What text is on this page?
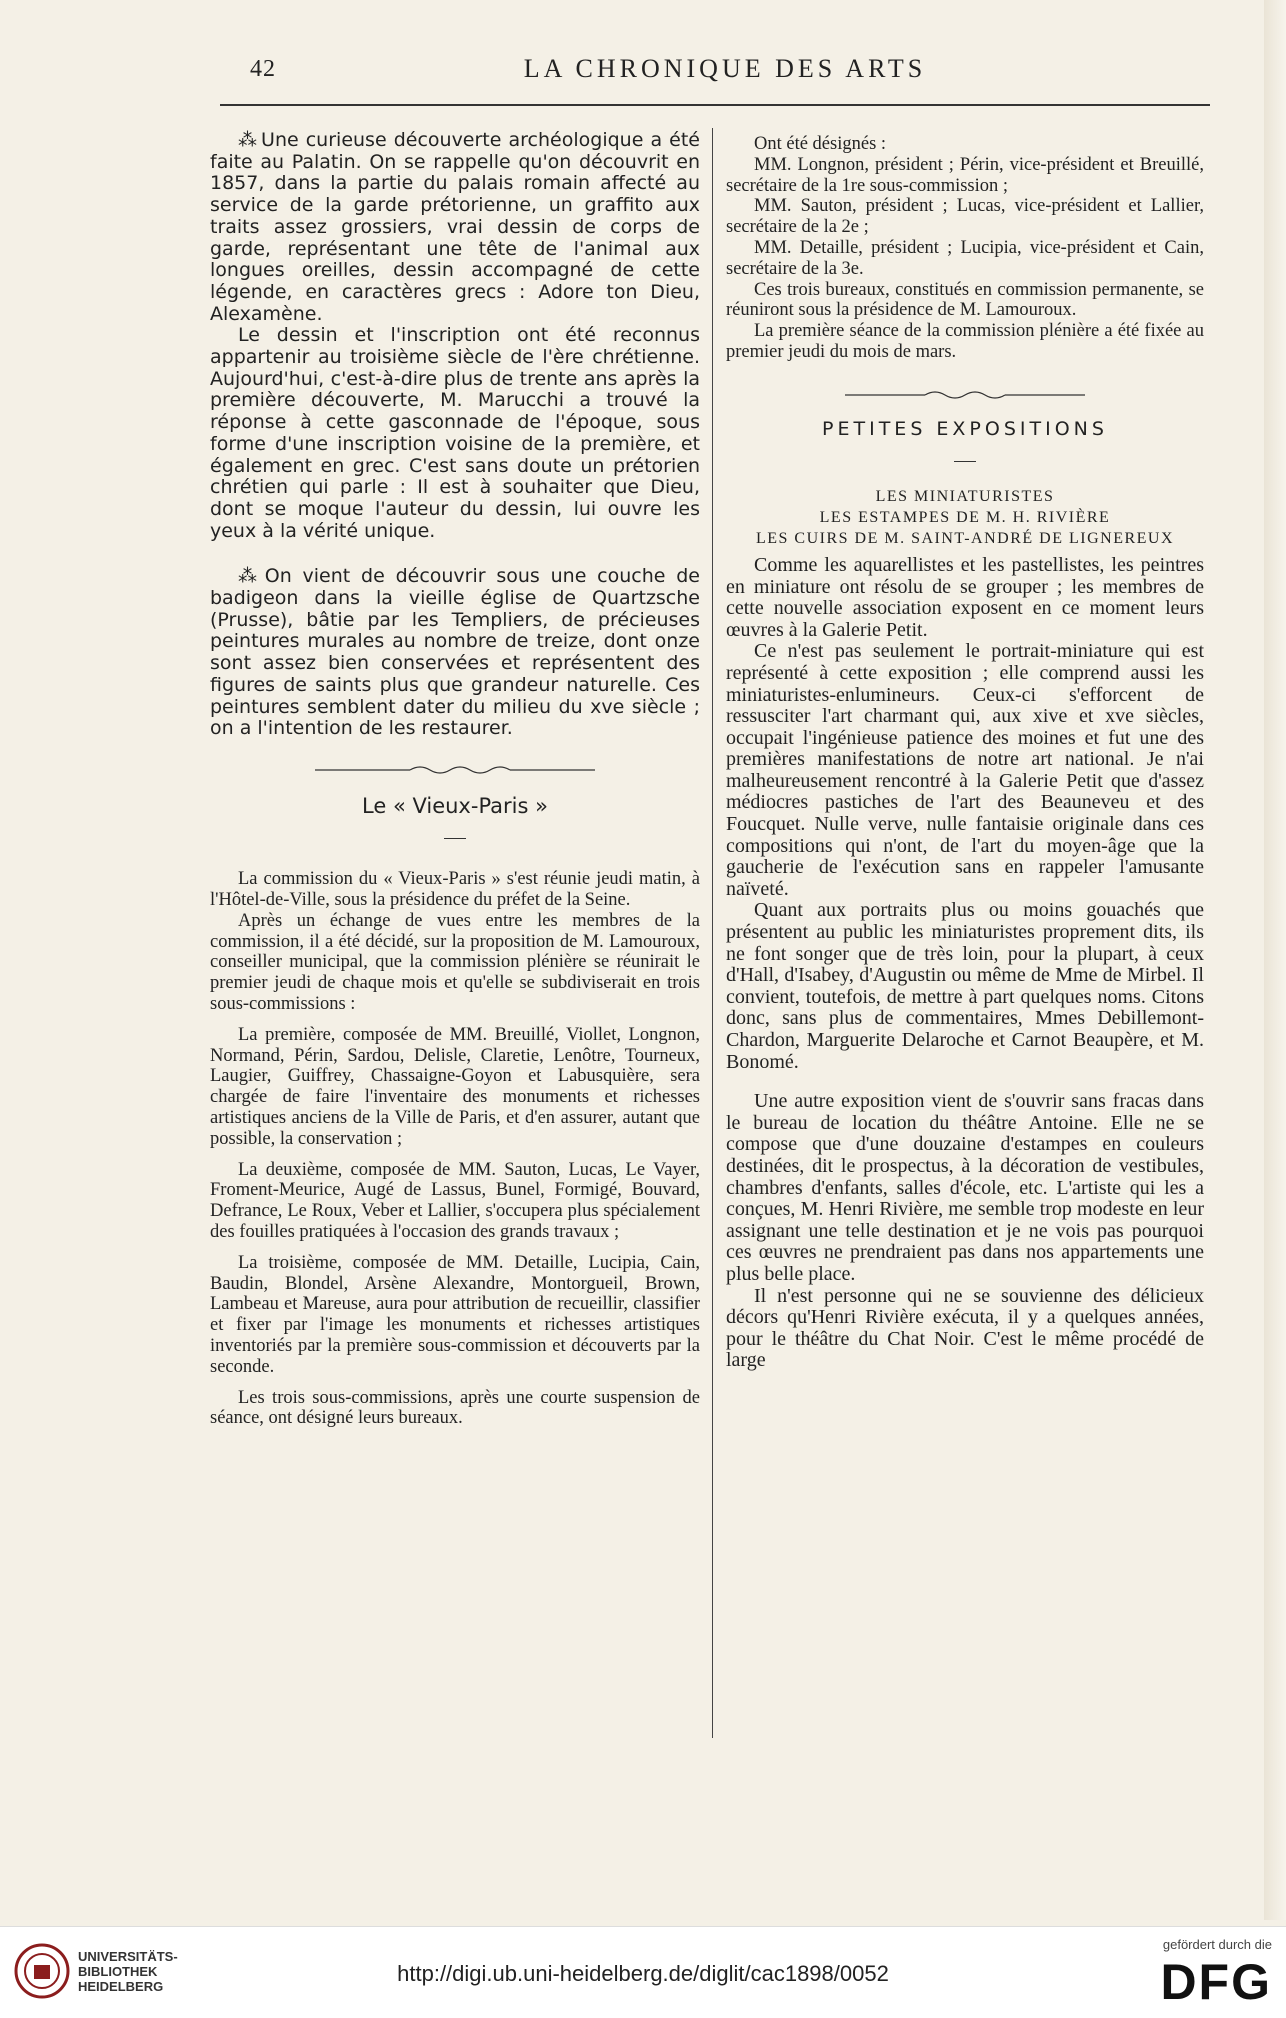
42	LA CHRONIQUE DES ARTS

⁂ Une curieuse découverte archéologique a été faite au Palatin. On se rappelle qu'on découvrit en 1857, dans la partie du palais romain affecté au service de la garde prétorienne, un graffito aux traits assez grossiers, vrai dessin de corps de garde, représentant une tête de l'animal aux longues oreilles, dessin accompagné de cette légende, en caractères grecs : Adore ton Dieu, Alexamène.

Le dessin et l'inscription ont été reconnus appartenir au troisième siècle de l'ère chrétienne. Aujourd'hui, c'est-à-dire plus de trente ans après la première découverte, M. Marucchi a trouvé la réponse à cette gasconnade de l'époque, sous forme d'une inscription voisine de la première, et également en grec. C'est sans doute un prétorien chrétien qui parle : Il est à souhaiter que Dieu, dont se moque l'auteur du dessin, lui ouvre les yeux à la vérité unique.

⁂ On vient de découvrir sous une couche de badigeon dans la vieille église de Quartzsche (Prusse), bâtie par les Templiers, de précieuses peintures murales au nombre de treize, dont onze sont assez bien conservées et représentent des figures de saints plus que grandeur naturelle. Ces peintures semblent dater du milieu du xve siècle ; on a l'intention de les restaurer.

Le « Vieux-Paris »

La commission du « Vieux-Paris » s'est réunie jeudi matin, à l'Hôtel-de-Ville, sous la présidence du préfet de la Seine.

Après un échange de vues entre les membres de la commission, il a été décidé, sur la proposition de M. Lamouroux, conseiller municipal, que la commission plénière se réunirait le premier jeudi de chaque mois et qu'elle se subdiviserait en trois sous-commissions :

La première, composée de MM. Breuillé, Viollet, Longnon, Normand, Périn, Sardou, Delisle, Claretie, Lenôtre, Tourneux, Laugier, Guiffrey, Chassaigne-Goyon et Labusquière, sera chargée de faire l'inventaire des monuments et richesses artistiques anciens de la Ville de Paris, et d'en assurer, autant que possible, la conservation ;

La deuxième, composée de MM. Sauton, Lucas, Le Vayer, Froment-Meurice, Augé de Lassus, Bunel, Formigé, Bouvard, Defrance, Le Roux, Veber et Lallier, s'occupera plus spécialement des fouilles pratiquées à l'occasion des grands travaux ;

La troisième, composée de MM. Detaille, Lucipia, Cain, Baudin, Blondel, Arsène Alexandre, Montorgueil, Brown, Lambeau et Mareuse, aura pour attribution de recueillir, classifier et fixer par l'image les monuments et richesses artistiques inventoriés par la première sous-commission et découverts par la seconde.

Les trois sous-commissions, après une courte suspension de séance, ont désigné leurs bureaux.

Ont été désignés :

MM. Longnon, président ; Périn, vice-président et Breuillé, secrétaire de la 1re sous-commission ;

MM. Sauton, président ; Lucas, vice-président et Lallier, secrétaire de la 2e ;

MM. Detaille, président ; Lucipia, vice-président et Cain, secrétaire de la 3e.

Ces trois bureaux, constitués en commission permanente, se réuniront sous la présidence de M. Lamouroux.

La première séance de la commission plénière a été fixée au premier jeudi du mois de mars.

PETITES EXPOSITIONS
LES MINIATURISTES
LES ESTAMPES DE M. H. RIVIÈRE
LES CUIRS DE M. SAINT-ANDRÉ DE LIGNEREUX

Comme les aquarellistes et les pastellistes, les peintres en miniature ont résolu de se grouper ; les membres de cette nouvelle association exposent en ce moment leurs œuvres à la Galerie Petit.

Ce n'est pas seulement le portrait-miniature qui est représenté à cette exposition ; elle comprend aussi les miniaturistes-enlumineurs. Ceux-ci s'efforcent de ressusciter l'art charmant qui, aux xive et xve siècles, occupait l'ingénieuse patience des moines et fut une des premières manifestations de notre art national. Je n'ai malheureusement rencontré à la Galerie Petit que d'assez médiocres pastiches de l'art des Beauneveu et des Foucquet. Nulle verve, nulle fantaisie originale dans ces compositions qui n'ont, de l'art du moyen-âge que la gaucherie de l'exécution sans en rappeler l'amusante naïveté.

Quant aux portraits plus ou moins gouachés que présentent au public les miniaturistes proprement dits, ils ne font songer que de très loin, pour la plupart, à ceux d'Hall, d'Isabey, d'Augustin ou même de Mme de Mirbel. Il convient, toutefois, de mettre à part quelques noms. Citons donc, sans plus de commentaires, Mmes Debillemont-Chardon, Marguerite Delaroche et Carnot Beaupère, et M. Bonomé.

Une autre exposition vient de s'ouvrir sans fracas dans le bureau de location du théâtre Antoine. Elle ne se compose que d'une douzaine d'estampes en couleurs destinées, dit le prospectus, à la décoration de vestibules, chambres d'enfants, salles d'école, etc. L'artiste qui les a conçues, M. Henri Rivière, me semble trop modeste en leur assignant une telle destination et je ne vois pas pourquoi ces œuvres ne prendraient pas dans nos appartements une plus belle place.

Il n'est personne qui ne se souvienne des délicieux décors qu'Henri Rivière exécuta, il y a quelques années, pour le théâtre du Chat Noir. C'est le même procédé de large

UNIVERSITÄTS-
BIBLIOTHEK
HEIDELBERG
http://digi.ub.uni-heidelberg.de/diglit/cac1898/0052
gefördert durch die
DFG
